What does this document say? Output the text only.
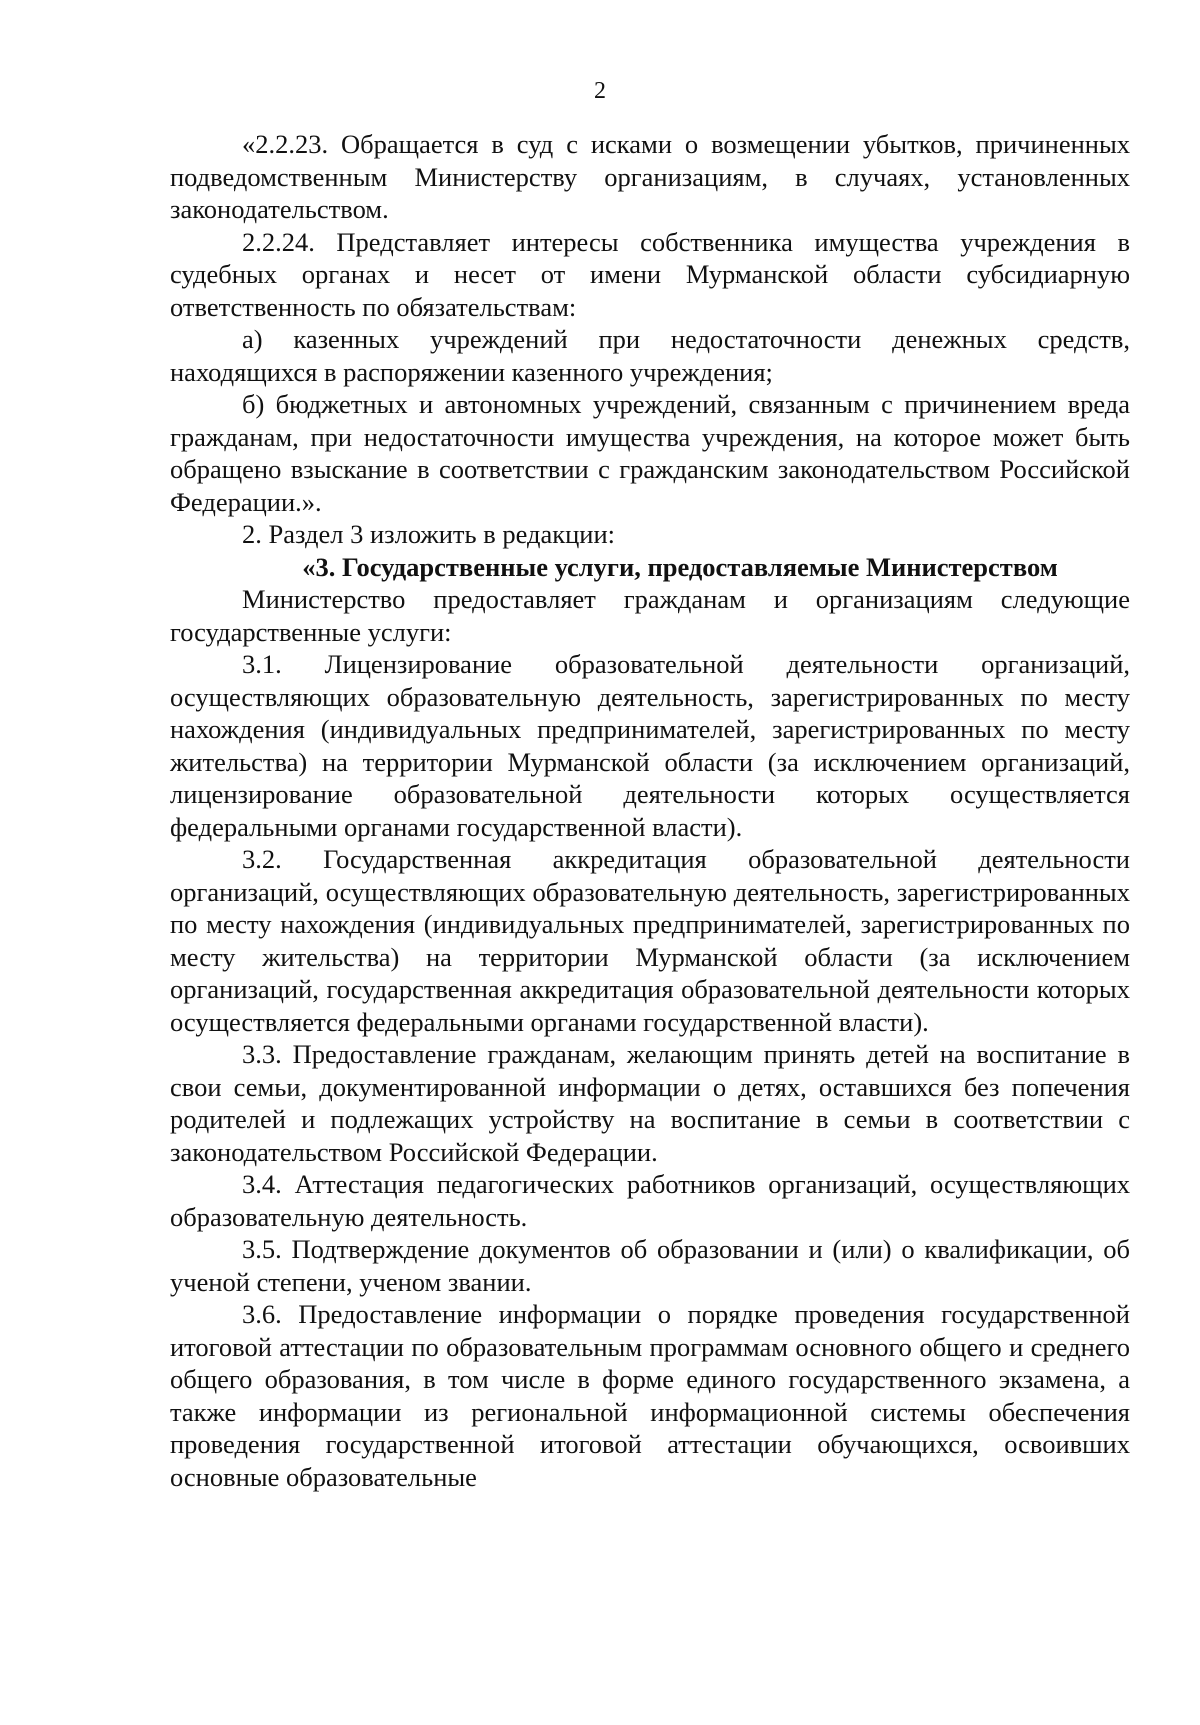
2

«2.2.23. Обращается в суд с исками о возмещении убытков, причиненных подведомственным Министерству организациям, в случаях, установленных законодательством.

2.2.24. Представляет интересы собственника имущества учреждения в судебных органах и несет от имени Мурманской области субсидиарную ответственность по обязательствам:

а) казенных учреждений при недостаточности денежных средств, находящихся в распоряжении казенного учреждения;

б) бюджетных и автономных учреждений, связанным с причинением вреда гражданам, при недостаточности имущества учреждения, на которое может быть обращено взыскание в соответствии с гражданским законодательством Российской Федерации.».

2. Раздел 3 изложить в редакции:

«3. Государственные услуги, предоставляемые Министерством

Министерство предоставляет гражданам и организациям следующие государственные услуги:

3.1. Лицензирование образовательной деятельности организаций, осуществляющих образовательную деятельность, зарегистрированных по месту нахождения (индивидуальных предпринимателей, зарегистрированных по месту жительства) на территории Мурманской области (за исключением организаций, лицензирование образовательной деятельности которых осуществляется федеральными органами государственной власти).

3.2. Государственная аккредитация образовательной деятельности организаций, осуществляющих образовательную деятельность, зарегистрированных по месту нахождения (индивидуальных предпринимателей, зарегистрированных по месту жительства) на территории Мурманской области (за исключением организаций, государственная аккредитация образовательной деятельности которых осуществляется федеральными органами государственной власти).

3.3. Предоставление гражданам, желающим принять детей на воспитание в свои семьи, документированной информации о детях, оставшихся без попечения родителей и подлежащих устройству на воспитание в семьи в соответствии с законодательством Российской Федерации.

3.4. Аттестация педагогических работников организаций, осуществляющих образовательную деятельность.

3.5. Подтверждение документов об образовании и (или) о квалификации, об ученой степени, ученом звании.

3.6. Предоставление информации о порядке проведения государственной итоговой аттестации по образовательным программам основного общего и среднего общего образования, в том числе в форме единого государственного экзамена, а также информации из региональной информационной системы обеспечения проведения государственной итоговой аттестации обучающихся, освоивших основные образовательные
